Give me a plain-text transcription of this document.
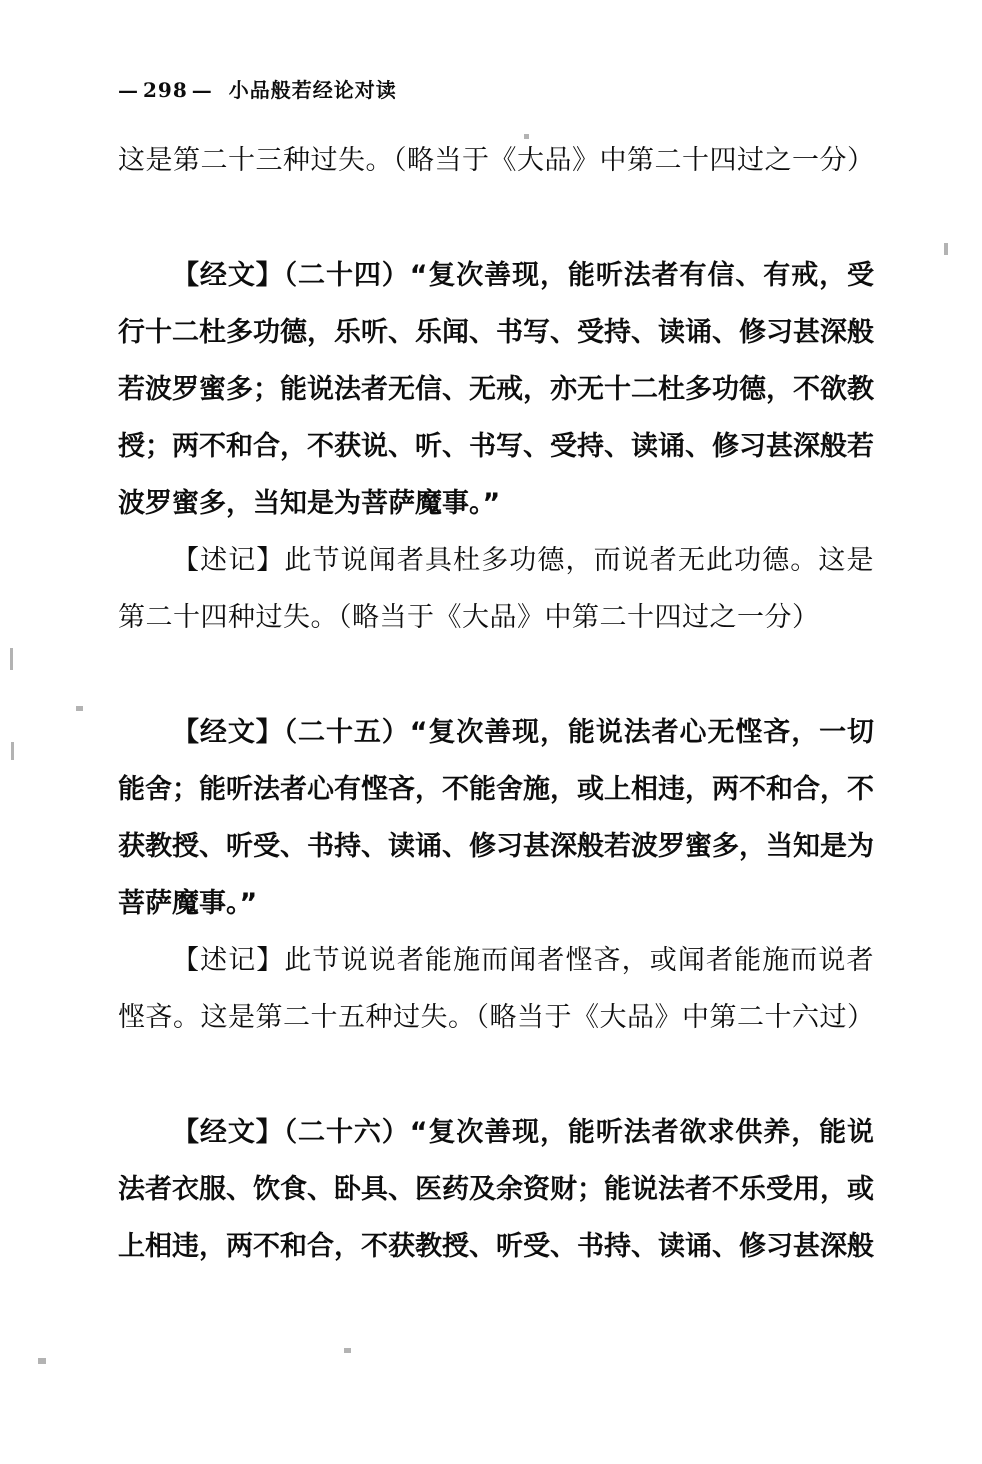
— 298 — 小品般若经论对读

这是第二十三种过失。（略当于《大品》中第二十四过之一分）

【经文】（二十四）“复次善现，能听法者有信、有戒，受行十二杜多功德，乐听、乐闻、书写、受持、读诵、修习甚深般若波罗蜜多；能说法者无信、无戒，亦无十二杜多功德，不欲教授；两不和合，不获说、听、书写、受持、读诵、修习甚深般若波罗蜜多，当知是为菩萨魔事。”

【述记】此节说闻者具杜多功德，而说者无此功德。这是第二十四种过失。（略当于《大品》中第二十四过之一分）

【经文】（二十五）“复次善现，能说法者心无悭吝，一切能舍；能听法者心有悭吝，不能舍施，或上相违，两不和合，不获教授、听受、书持、读诵、修习甚深般若波罗蜜多，当知是为菩萨魔事。”

【述记】此节说说者能施而闻者悭吝，或闻者能施而说者悭吝。这是第二十五种过失。（略当于《大品》中第二十六过）

【经文】（二十六）“复次善现，能听法者欲求供养，能说法者衣服、饮食、卧具、医药及余资财；能说法者不乐受用，或上相违，两不和合，不获教授、听受、书持、读诵、修习甚深般
